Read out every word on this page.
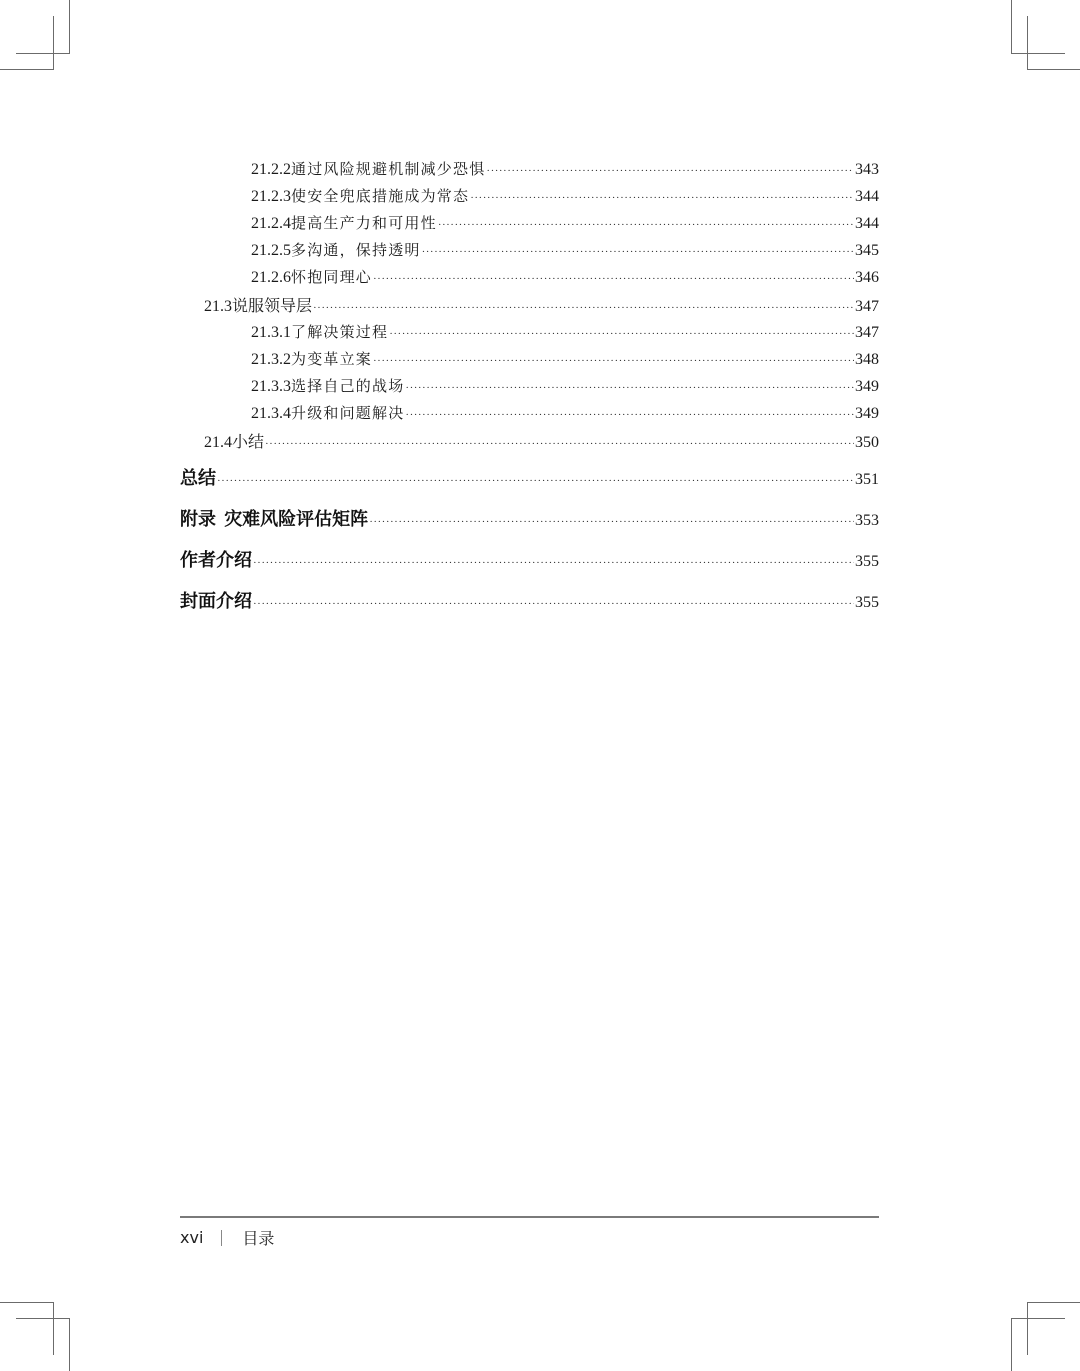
21.2.2 通过风险规避机制减少恐惧 ·····	343
21.2.3 使安全兜底措施成为常态 ·····	344
21.2.4 提高生产力和可用性 ·····	344
21.2.5 多沟通，保持透明 ·····	345
21.2.6 怀抱同理心 ·····	346
21.3 说服领导层 ·····	347
21.3.1 了解决策过程 ·····	347
21.3.2 为变革立案 ·····	348
21.3.3 选择自己的战场 ·····	349
21.3.4 升级和问题解决 ·····	349
21.4 小结 ·····	350
总结 ·····	351
附录 灾难风险评估矩阵 ·····	353
作者介绍 ·····	355
封面介绍 ·····	355
xvi 目录
